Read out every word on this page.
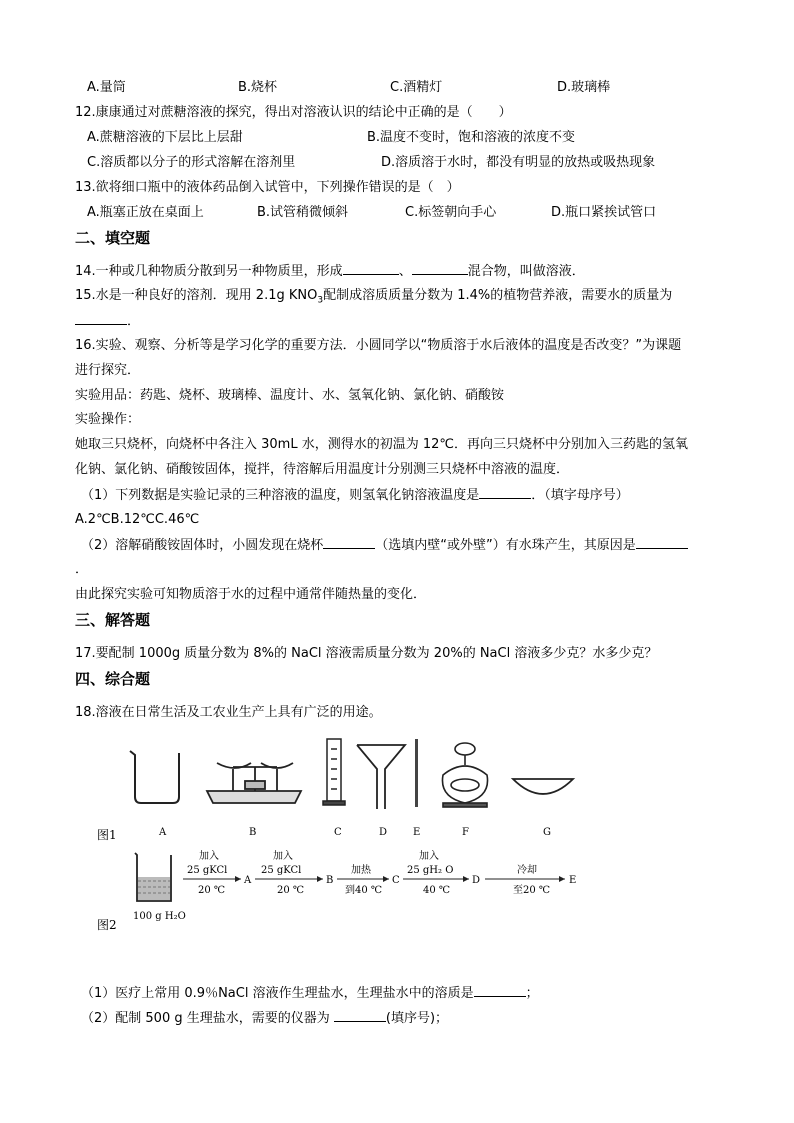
A.量筒	B.烧杯	C.酒精灯	D.玻璃棒
12.康康通过对蔗糖溶液的探究，得出对溶液认识的结论中正确的是（　　）
A.蔗糖溶液的下层比上层甜	B.温度不变时，饱和溶液的浓度不变
C.溶质都以分子的形式溶解在溶剂里	D.溶质溶于水时，都没有明显的放热或吸热现象
13.欲将细口瓶中的液体药品倒入试管中，下列操作错误的是（　）
A.瓶塞正放在桌面上	B.试管稍微倾斜	C.标签朝向手心	D.瓶口紧挨试管口
二、填空题
14.一种或几种物质分散到另一种物质里，形成	、	混合物，叫做溶液．
15.水是一种良好的溶剂．现用 2.1g $KNO_3$配制成溶质质量分数为 1.4%的植物营养液，需要水的质量为
．
16.实验、观察、分析等是学习化学的重要方法．小圆同学以“物质溶于水后液体的温度是否改变？”为课题
进行探究．
实验用品：药匙、烧杯、玻璃棒、温度计、水、氢氧化钠、氯化钠、硝酸铵
实验操作：
她取三只烧杯，向烧杯中各注入 30mL 水，测得水的初温为 12℃．再向三只烧杯中分别加入三药匙的氢氧
化钠、氯化钠、硝酸铵固体，搅拌，待溶解后用温度计分别测三只烧杯中溶液的温度．
（1）下列数据是实验记录的三种溶液的温度，则氢氧化钠溶液温度是	．（填字母序号）
A.2℃B.12℃C.46℃
（2）溶解硝酸铵固体时，小圆发现在烧杯	（选填内壁“或外壁”）有水珠产生，其原因是
．
由此探究实验可知物质溶于水的过程中通常伴随热量的变化．
三、解答题
17.要配制 1000g 质量分数为 8%的 NaCl 溶液需质量分数为 20%的 NaCl 溶液多少克？水多少克？
四、综合题
18.溶液在日常生活及工农业生产上具有广泛的用途。
图1	A	B	C	D	E	F	G
图2
100 g H₂O
加入
25 gKCl
20 ℃
A
加入
25 gKCl
20 ℃
B
加热
到40 ℃
C
加入
25 gH₂ O
40 ℃
D
冷却
至20 ℃
E
（1）医疗上常用 0.9％NaCl 溶液作生理盐水，生理盐水中的溶质是	；
（2）配制 500 g 生理盐水，需要的仪器为	(填序号)；
